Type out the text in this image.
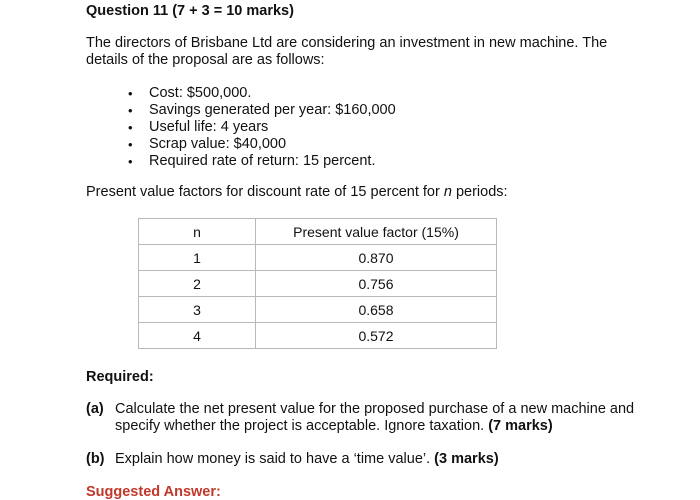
Question 11 (7 + 3 = 10 marks)

The directors of Brisbane Ltd are considering an investment in new machine. The details of the proposal are as follows:

• Cost: $500,000.
• Savings generated per year: $160,000
• Useful life: 4 years
• Scrap value: $40,000
• Required rate of return: 15 percent.

Present value factors for discount rate of 15 percent for n periods:

n	Present value factor (15%)
1	0.870
2	0.756
3	0.658
4	0.572

Required:

(a) Calculate the net present value for the proposed purchase of a new machine and specify whether the project is acceptable. Ignore taxation. (7 marks)
(b) Explain how money is said to have a ‘time value’. (3 marks)

Suggested Answer:
